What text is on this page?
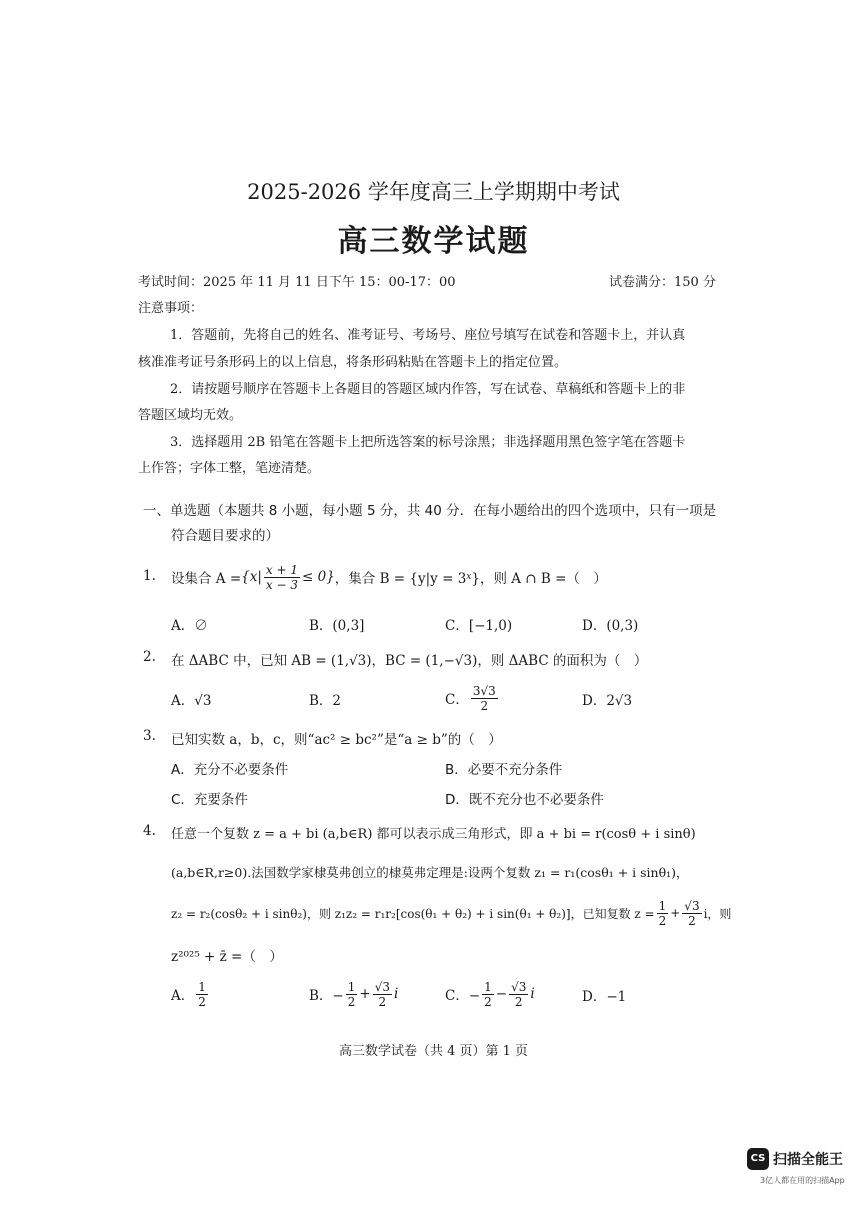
2025-2026 学年度高三上学期期中考试
高三数学试题
考试时间：2025 年 11 月 11 日下午 15：00-17：00	试卷满分：150 分
注意事项：
1．答题前，先将自己的姓名、准考证号、考场号、座位号填写在试卷和答题卡上，并认真
核准准考证号条形码上的以上信息，将条形码粘贴在答题卡上的指定位置。
2．请按题号顺序在答题卡上各题目的答题区域内作答，写在试卷、草稿纸和答题卡上的非
答题区域均无效。
3．选择题用 2B 铅笔在答题卡上把所选答案的标号涂黑；非选择题用黑色签字笔在答题卡
上作答；字体工整，笔迹清楚。
一、单选题（本题共 8 小题，每小题 5 分，共 40 分．在每小题给出的四个选项中，只有一项是
符合题目要求的）
1. 设集合 $A = \{x| \frac{x + 1}{x - 3} \le 0\}$ ，集合 B = {y|y = 3 x }，则 A ∩ B =（　）
A．∅	B．(0,3]	C．[−1,0)	D．(0,3)
2. 在 ΔABC 中，已知 AB = (1,√3)，BC = (1,−√3)，则 ΔABC 的面积为（　）
A．√3	B．2	C． $\frac{3√3}{2}$	D．2√3
3. 已知实数 a，b，c，则“ac² ≥ bc²”是“a ≥ b”的（　）
A．充分不必要条件	B．必要不充分条件
C．充要条件	D．既不充分也不必要条件
4. 任意一个复数 z = a + bi (a,b∈R) 都可以表示成三角形式，即 a + bi = r(cosθ + i sinθ)
(a,b∈R,r≥0).法国数学家棣莫弗创立的棣莫弗定理是:设两个复数 z₁ = r₁(cosθ₁ + i sinθ₁)，
z₂ = r₂(cosθ₂ + i sinθ₂)，则 z₁z₂ = r₁r₂[cos(θ₁ + θ₂) + i sin(θ₁ + θ₂)]，已知复数 $z = \frac{1}{2} + \frac{√3}{2}$ i，则
z²⁰²⁵ + z̄ =（　）
A． $\frac{1}{2}$	B．− $\frac{1}{2} + \frac{√3}{2}$ i	C．− $\frac{1}{2} - \frac{√3}{2}$ i	D．−1
高三数学试卷（共 4 页）第 1 页
CS 扫描全能王
3亿人都在用的扫描App
